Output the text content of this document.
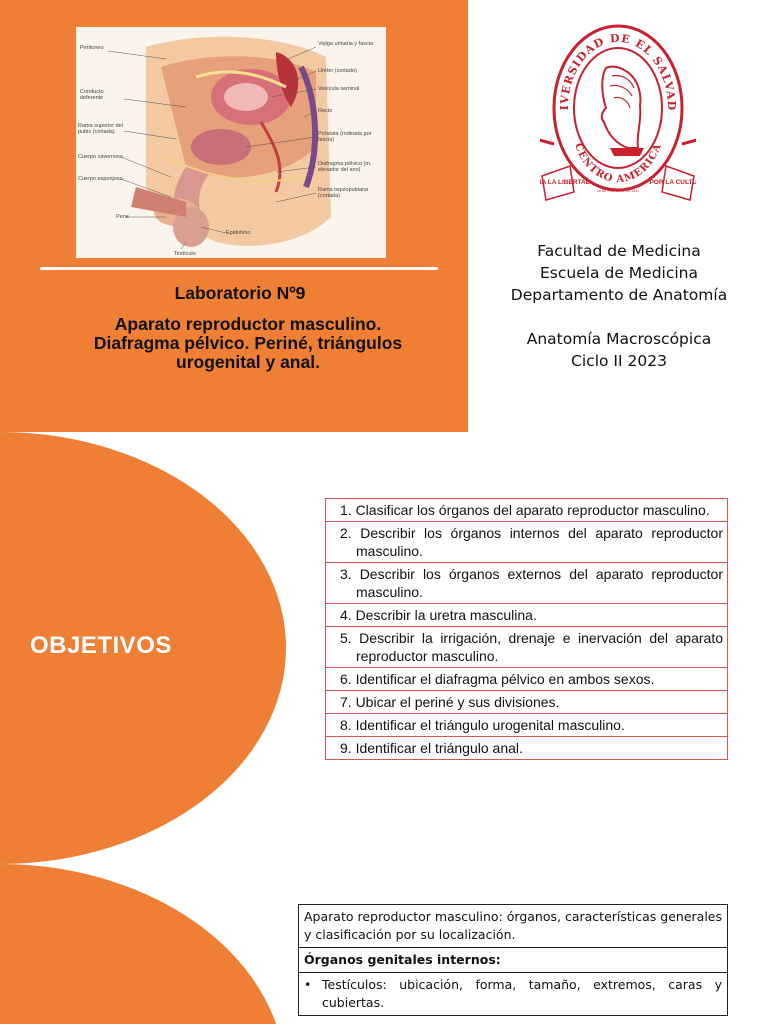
Peritoneo
Conducto deferente
Rama superior del pubis (cortada)
Cuerpo cavernoso
Cuerpo esponjoso
Pene
Vejiga urinaria y fascia
Uréter (cortado)
Vesícula seminal
Recto
Próstata (rodeada por fascia)
Diafragma pélvico (m. elevador del ano)
Rama isquiopubiana (cortada)
Epidídimo
Testículo
Laboratorio Nº9
Aparato reproductor masculino.
Diafragma pélvico. Periné, triángulos
urogenital y anal.
IVERSIDAD DE EL SALVAD
CENTRO AMERICA
IA LA LIBERTAD	POR LA CULTU
16 DE FEBRERO DE 1841
Facultad de Medicina
Escuela de Medicina
Departamento de Anatomía
Anatomía Macroscópica
Ciclo II 2023
OBJETIVOS
1. Clasificar los órganos del aparato reproductor masculino.
2. Describir los órganos internos del aparato reproductor masculino.
3. Describir los órganos externos del aparato reproductor masculino.
4. Describir la uretra masculina.
5. Describir la irrigación, drenaje e inervación del aparato reproductor masculino.
6. Identificar el diafragma pélvico en ambos sexos.
7. Ubicar el periné y sus divisiones.
8. Identificar el triángulo urogenital masculino.
9. Identificar el triángulo anal.
Aparato reproductor masculino: órganos, características generales y clasificación por su localización.
Órganos genitales internos:
• Testículos: ubicación, forma, tamaño, extremos, caras y cubiertas.
